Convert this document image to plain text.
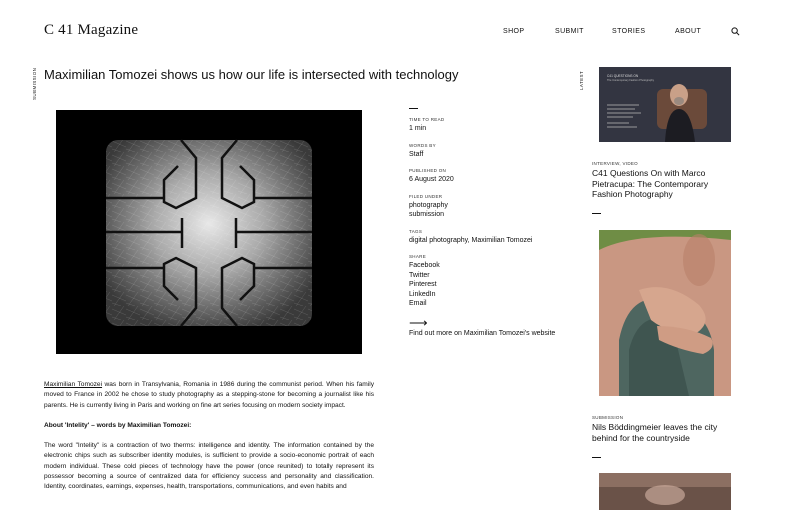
C 41 Magazine	SHOP	SUBMIT	STORIES	ABOUT
SUBMISSION	LATEST
Maximilian Tomozei shows us how our life is intersected with technology
TIME TO READ
1 min
WORDS BY
Staff
PUBLISHED ON
6 August 2020
FILED UNDER
photography
submission
TAGS
digital photography, Maximilian Tomozei
SHARE
Facebook
Twitter
Pinterest
LinkedIn
Email
⟶
Find out more on Maximilian Tomozei's website

Maximilian Tomozei was born in Transylvania, Romania in 1986 during the communist period. When his family moved to France in 2002 he chose to study photography as a stepping-stone for becoming a journalist like his parents. He is currently living in Paris and working on fine art series focusing on modern society impact.

About 'Intelity' – words by Maximilian Tomozei:

The word "Intelity" is a contraction of two therms: intelligence and identity. The information contained by the electronic chips such as subscriber identity modules, is sufficient to provide a socio-economic portrait of each modern individual. These cold pieces of technology have the power (once reunited) to totally represent its possessor becoming a source of centralized data for efficiency success and personality and classification. Identity, coordinates, earnings, expenses, health, transportations, communications, and even habits and

C41 QUESTIONS ON
The Contemporary Fashion Photography
INTERVIEW, VIDEO
C41 Questions On with Marco Pietracupa: The Contemporary Fashion Photography
SUBMISSION
Nils Böddingmeier leaves the city behind for the countryside
